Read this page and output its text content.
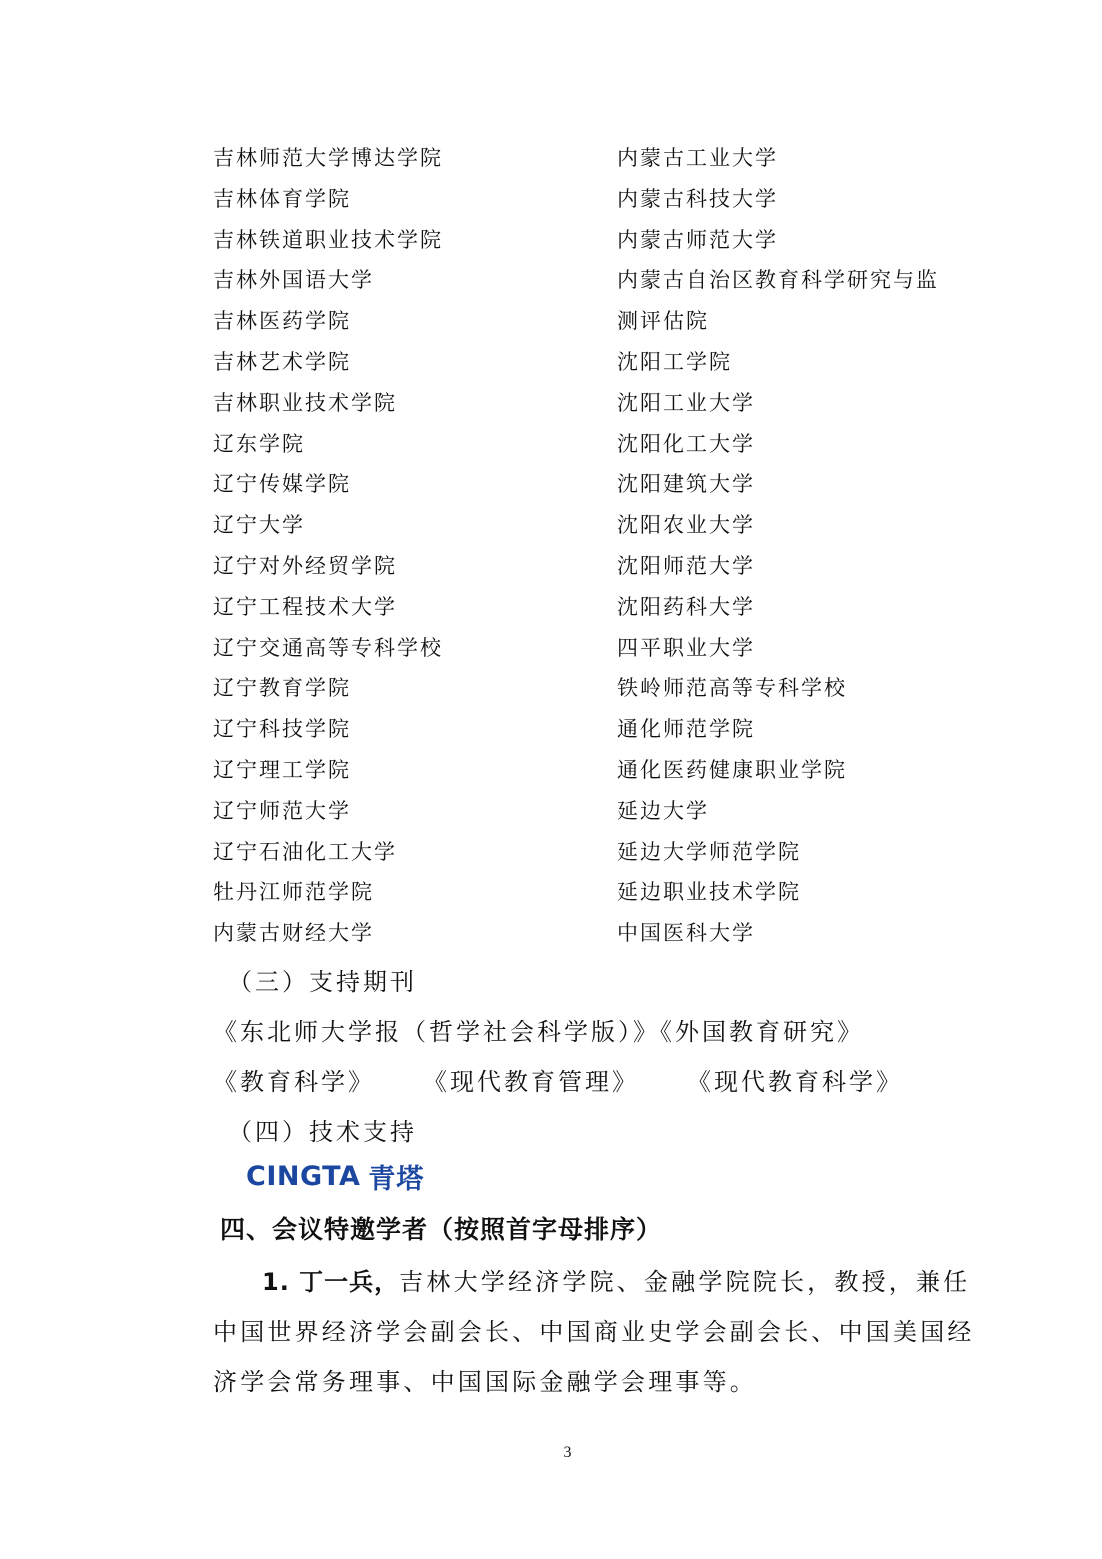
吉林师范大学博达学院
吉林体育学院
吉林铁道职业技术学院
吉林外国语大学
吉林医药学院
吉林艺术学院
吉林职业技术学院
辽东学院
辽宁传媒学院
辽宁大学
辽宁对外经贸学院
辽宁工程技术大学
辽宁交通高等专科学校
辽宁教育学院
辽宁科技学院
辽宁理工学院
辽宁师范大学
辽宁石油化工大学
牡丹江师范学院
内蒙古财经大学
内蒙古工业大学
内蒙古科技大学
内蒙古师范大学
内蒙古自治区教育科学研究与监
测评估院
沈阳工学院
沈阳工业大学
沈阳化工大学
沈阳建筑大学
沈阳农业大学
沈阳师范大学
沈阳药科大学
四平职业大学
铁岭师范高等专科学校
通化师范学院
通化医药健康职业学院
延边大学
延边大学师范学院
延边职业技术学院
中国医科大学
（三）支持期刊
《东北师大学报（哲学社会科学版）》《外国教育研究》
《教育科学》 《现代教育管理》 《现代教育科学》
（四）技术支持
CINGTA 青塔
四、会议特邀学者（按照首字母排序）
1. 丁一兵，吉林大学经济学院、金融学院院长，教授，兼任
中国世界经济学会副会长、中国商业史学会副会长、中国美国经
济学会常务理事、中国国际金融学会理事等。
3
